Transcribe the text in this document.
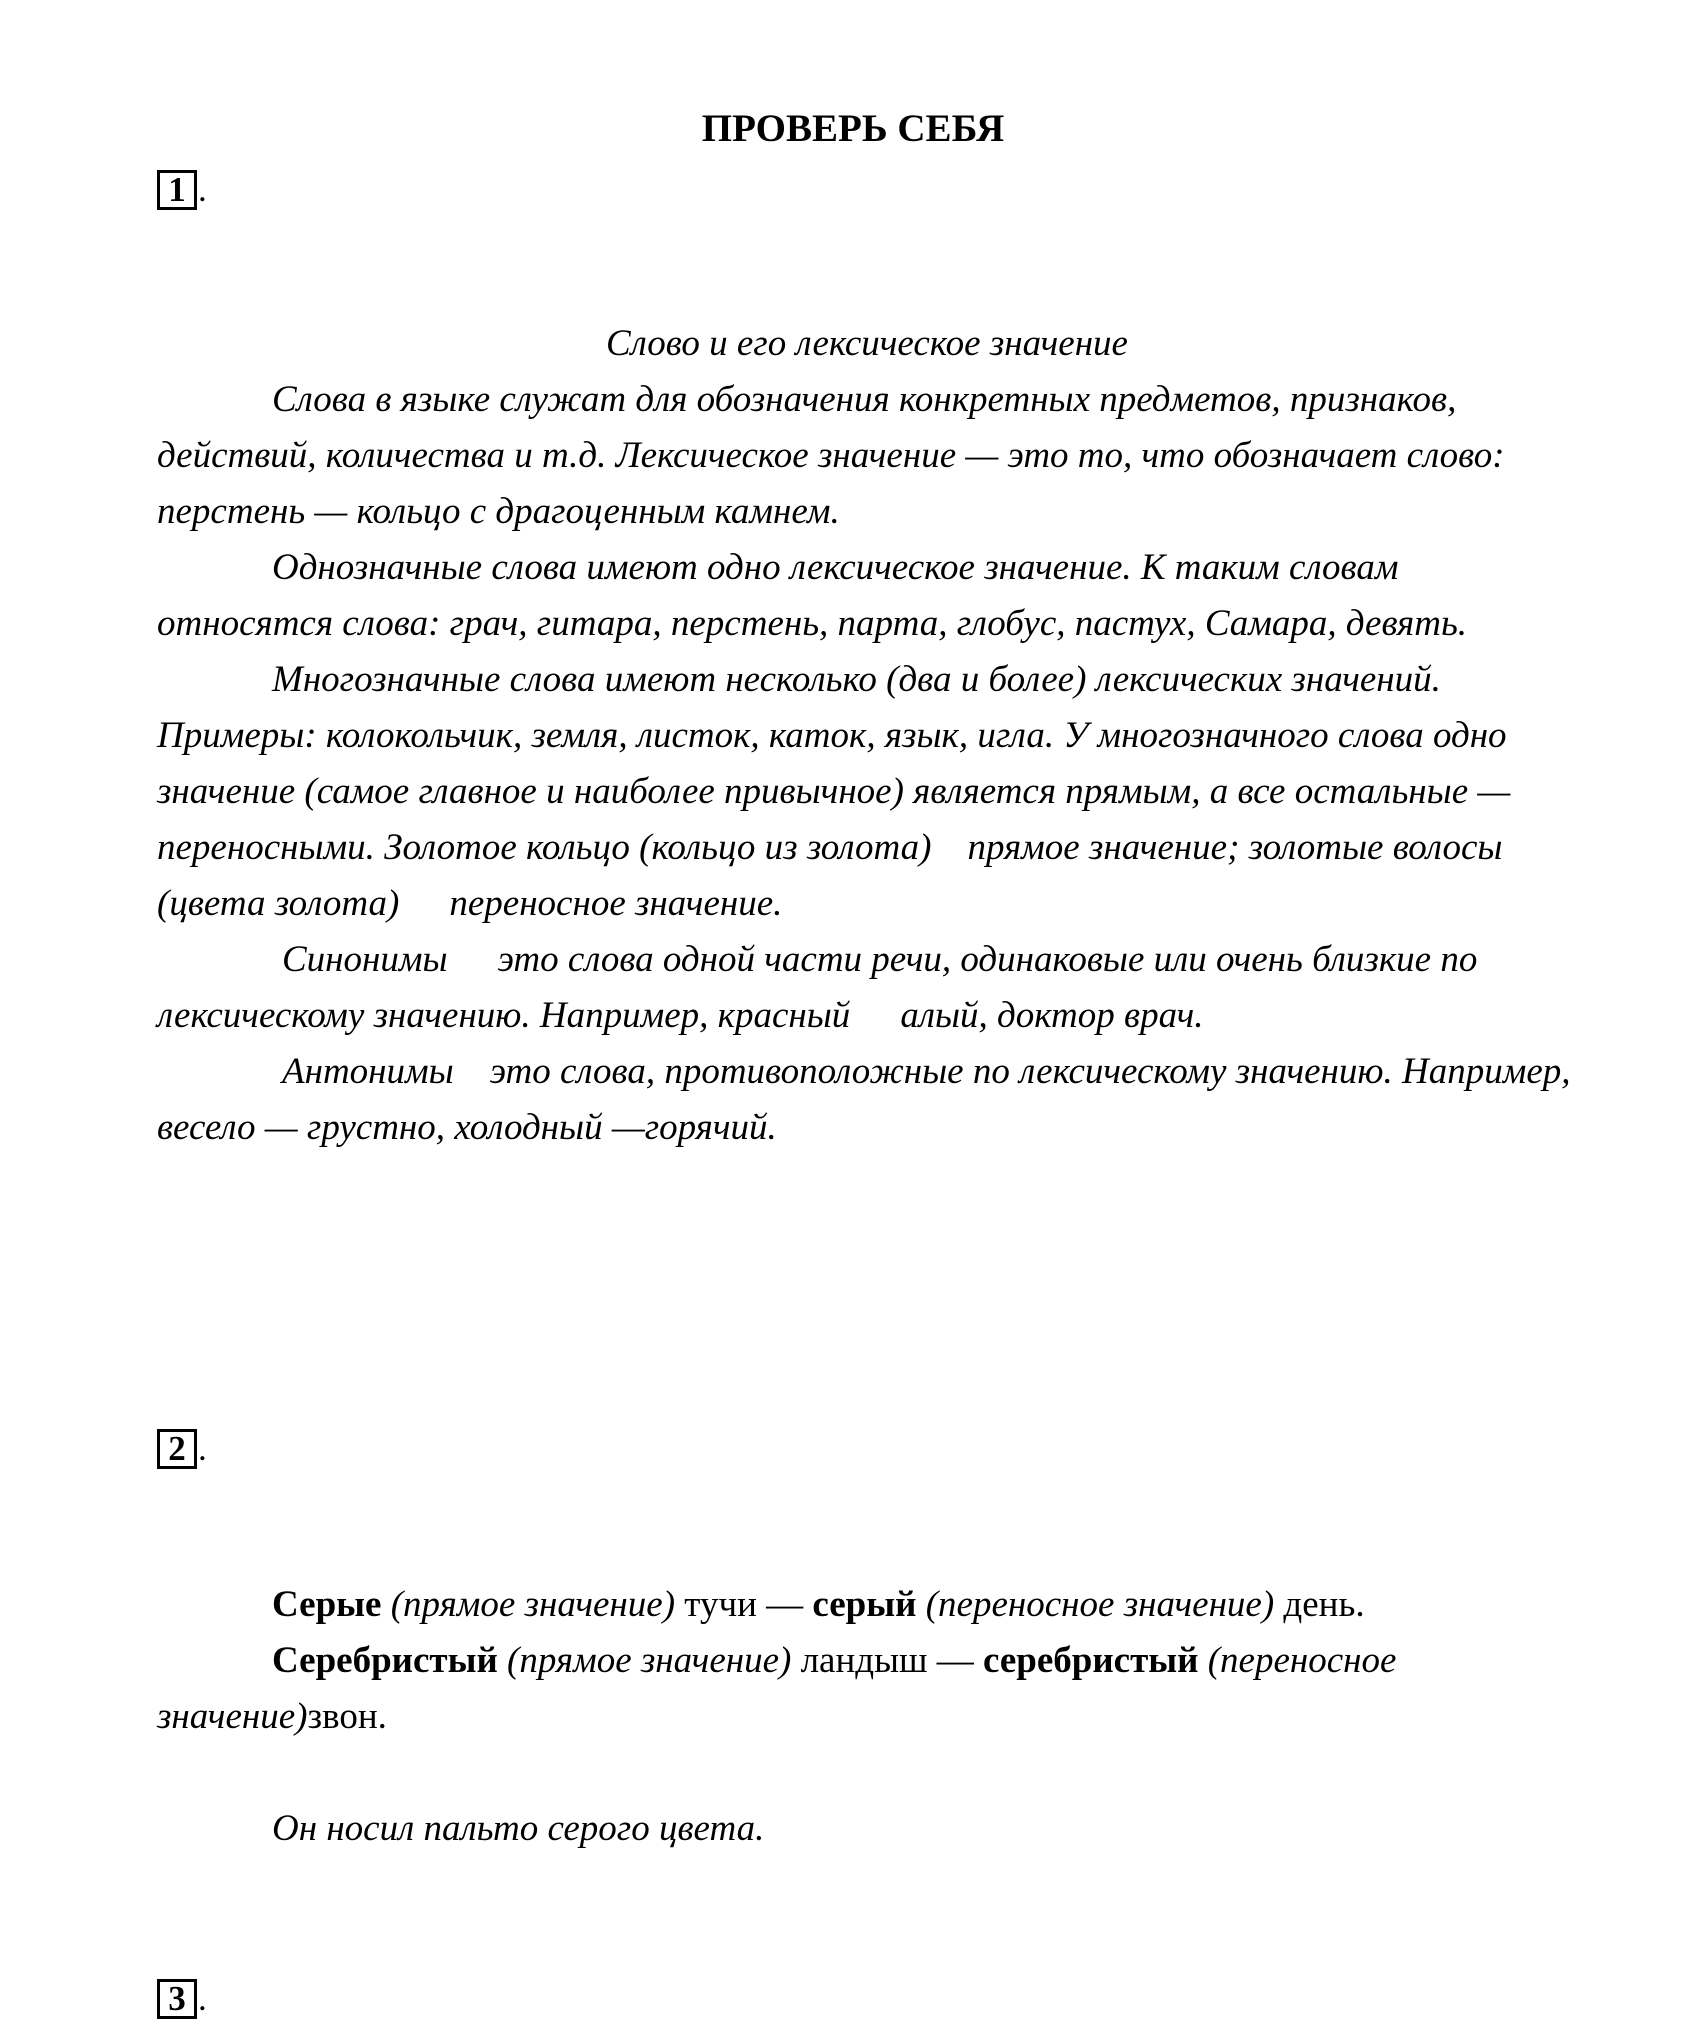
ПРОВЕРЬ СЕБЯ
1 .

Слово и его лексическое значение

Слова в языке служат для обозначения конкретных предметов, признаков, действий, количества и т.д. Лексическое значение — это то, что обозначает слово: перстень — кольцо с драгоценным камнем.

Однозначные слова имеют одно лексическое значение. К таким словам относятся слова: грач, гитара, перстень, парта, глобус, пастух, Самара, девять.

Многозначные слова имеют несколько (два и более) лексических значений. Примеры: колокольчик, земля, листок, каток, язык, игла. У многозначного слова одно значение (самое главное и наиболее привычное) является прямым, а все остальные — переносными. Золотое кольцо (кольцо из золота) прямое значение; золотые волосы (цвета золота) переносное значение.

Синонимы это слова одной части речи, одинаковые или очень близкие по лексическому значению. Например, красный алый, доктор врач.

Антонимы это слова, противоположные по лексическому значению. Например, весело — грустно, холодный —горячий.

2 .

Серые (прямое значение) тучи — серый (переносное значение) день.

Серебристый (прямое значение) ландыш — серебристый (переносное значение)звон.

Он носил пальто серого цвета.

3 .
